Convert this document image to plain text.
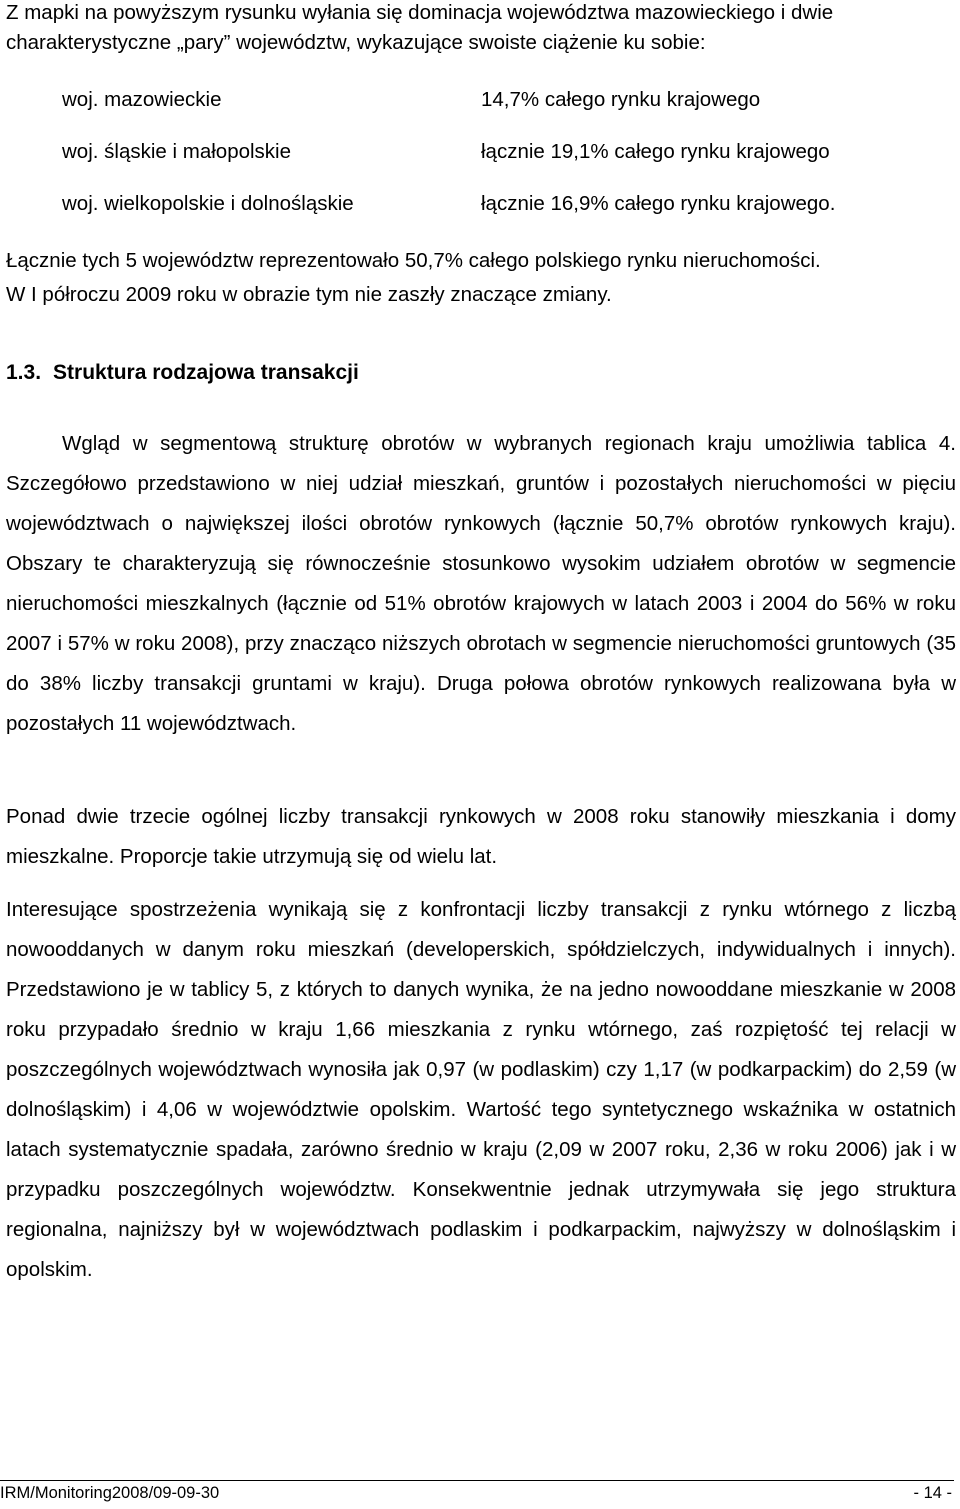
Z mapki na powyższym rysunku wyłania się dominacja województwa mazowieckiego i dwie charakterystyczne „pary” województw, wykazujące swoiste ciążenie ku sobie:
woj. mazowieckie	14,7% całego rynku krajowego
woj. śląskie i małopolskie	łącznie 19,1% całego rynku krajowego
woj. wielkopolskie i dolnośląskie	łącznie 16,9% całego rynku krajowego.
Łącznie tych 5 województw reprezentowało 50,7% całego polskiego rynku nieruchomości.
W I półroczu 2009 roku w obrazie tym nie zaszły znaczące zmiany.
1.3. Struktura rodzajowa transakcji
Wgląd w segmentową strukturę obrotów w wybranych regionach kraju umożliwia tablica 4. Szczegółowo przedstawiono w niej udział mieszkań, gruntów i pozostałych nieruchomości w pięciu województwach o największej ilości obrotów rynkowych (łącznie 50,7% obrotów rynkowych kraju). Obszary te charakteryzują się równocześnie stosunkowo wysokim udziałem obrotów w segmencie nieruchomości mieszkalnych (łącznie od 51% obrotów krajowych w latach 2003 i 2004 do 56% w roku 2007 i 57% w roku 2008), przy znacząco niższych obrotach w segmencie nieruchomości gruntowych (35 do 38% liczby transakcji gruntami w kraju). Druga połowa obrotów rynkowych realizowana była w pozostałych 11 województwach.
Ponad dwie trzecie ogólnej liczby transakcji rynkowych w 2008 roku stanowiły mieszkania i domy mieszkalne. Proporcje takie utrzymują się od wielu lat.
Interesujące spostrzeżenia wynikają się z konfrontacji liczby transakcji z rynku wtórnego z liczbą nowooddanych w danym roku mieszkań (developerskich, spółdzielczych, indywidualnych i innych). Przedstawiono je w tablicy 5, z których to danych wynika, że na jedno nowooddane mieszkanie w 2008 roku przypadało średnio w kraju 1,66 mieszkania z rynku wtórnego, zaś rozpiętość tej relacji w poszczególnych województwach wynosiła jak 0,97 (w podlaskim) czy 1,17 (w podkarpackim) do 2,59 (w dolnośląskim) i 4,06 w województwie opolskim. Wartość tego syntetycznego wskaźnika w ostatnich latach systematycznie spadała, zarówno średnio w kraju (2,09 w 2007 roku, 2,36 w roku 2006) jak i w przypadku poszczególnych województw. Konsekwentnie jednak utrzymywała się jego struktura regionalna, najniższy był w województwach podlaskim i podkarpackim, najwyższy w dolnośląskim i opolskim.
IRM/Monitoring2008/09-09-30	- 14 -
